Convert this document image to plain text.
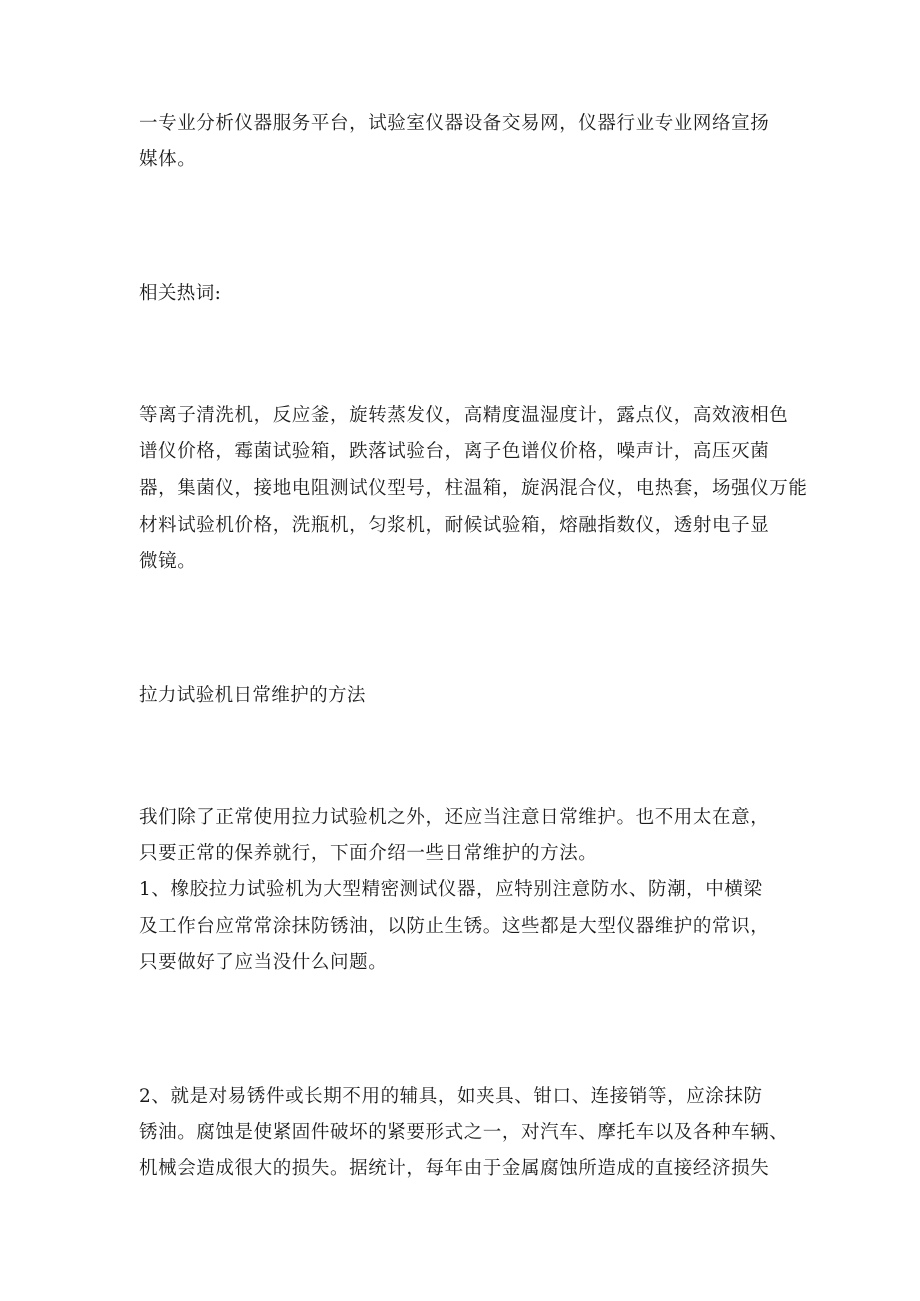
一专业分析仪器服务平台，试验室仪器设备交易网，仪器行业专业网络宣扬
媒体。
相关热词:
等离子清洗机，反应釜，旋转蒸发仪，高精度温湿度计，露点仪，高效液相色
谱仪价格，霉菌试验箱，跌落试验台，离子色谱仪价格，噪声计，高压灭菌
器，集菌仪，接地电阻测试仪型号，柱温箱，旋涡混合仪，电热套，场强仪万能
材料试验机价格，洗瓶机，匀浆机，耐候试验箱，熔融指数仪，透射电子显
微镜。
拉力试验机日常维护的方法
我们除了正常使用拉力试验机之外，还应当注意日常维护。也不用太在意，
只要正常的保养就行，下面介绍一些日常维护的方法。
1、橡胶拉力试验机为大型精密测试仪器，应特别注意防水、防潮，中横梁
及工作台应常常涂抹防锈油，以防止生锈。这些都是大型仪器维护的常识，
只要做好了应当没什么问题。
2、就是对易锈件或长期不用的辅具，如夹具、钳口、连接销等，应涂抹防
锈油。腐蚀是使紧固件破坏的紧要形式之一，对汽车、摩托车以及各种车辆、
机械会造成很大的损失。据统计，每年由于金属腐蚀所造成的直接经济损失
